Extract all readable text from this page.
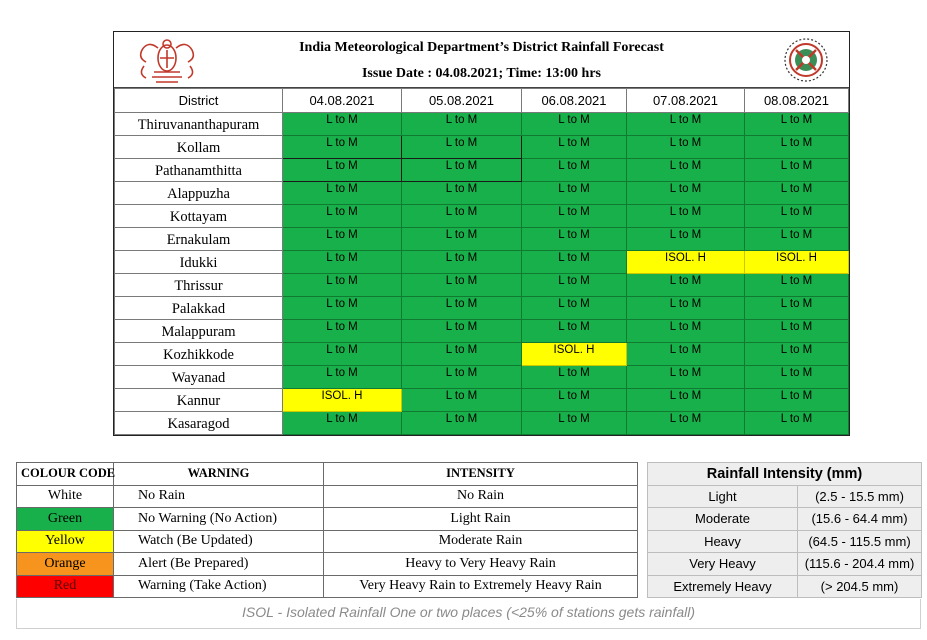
India Meteorological Department’s District Rainfall Forecast
Issue Date : 04.08.2021; Time: 13:00 hrs
District	04.08.2021	05.08.2021	06.08.2021	07.08.2021	08.08.2021
Thiruvananthapuram	L to M	L to M	L to M	L to M	L to M
Kollam	L to M	L to M	L to M	L to M	L to M
Pathanamthitta	L to M	L to M	L to M	L to M	L to M
Alappuzha	L to M	L to M	L to M	L to M	L to M
Kottayam	L to M	L to M	L to M	L to M	L to M
Ernakulam	L to M	L to M	L to M	L to M	L to M
Idukki	L to M	L to M	L to M	ISOL. H	ISOL. H
Thrissur	L to M	L to M	L to M	L to M	L to M
Palakkad	L to M	L to M	L to M	L to M	L to M
Malappuram	L to M	L to M	L to M	L to M	L to M
Kozhikkode	L to M	L to M	ISOL. H	L to M	L to M
Wayanad	L to M	L to M	L to M	L to M	L to M
Kannur	ISOL. H	L to M	L to M	L to M	L to M
Kasaragod	L to M	L to M	L to M	L to M	L to M
COLOUR CODE	WARNING	INTENSITY
White	No Rain	No Rain
Green	No Warning (No Action)	Light Rain
Yellow	Watch (Be Updated)	Moderate Rain
Orange	Alert (Be Prepared)	Heavy to Very Heavy Rain
Red	Warning (Take Action)	Very Heavy Rain to Extremely Heavy Rain
Rainfall Intensity (mm)	
Light	(2.5 - 15.5 mm)
Moderate	(15.6 - 64.4 mm)
Heavy	(64.5 - 115.5 mm)
Very Heavy	(115.6 - 204.4 mm)
Extremely Heavy	(> 204.5 mm)
ISOL - Isolated Rainfall One or two places (<25% of stations gets rainfall)
